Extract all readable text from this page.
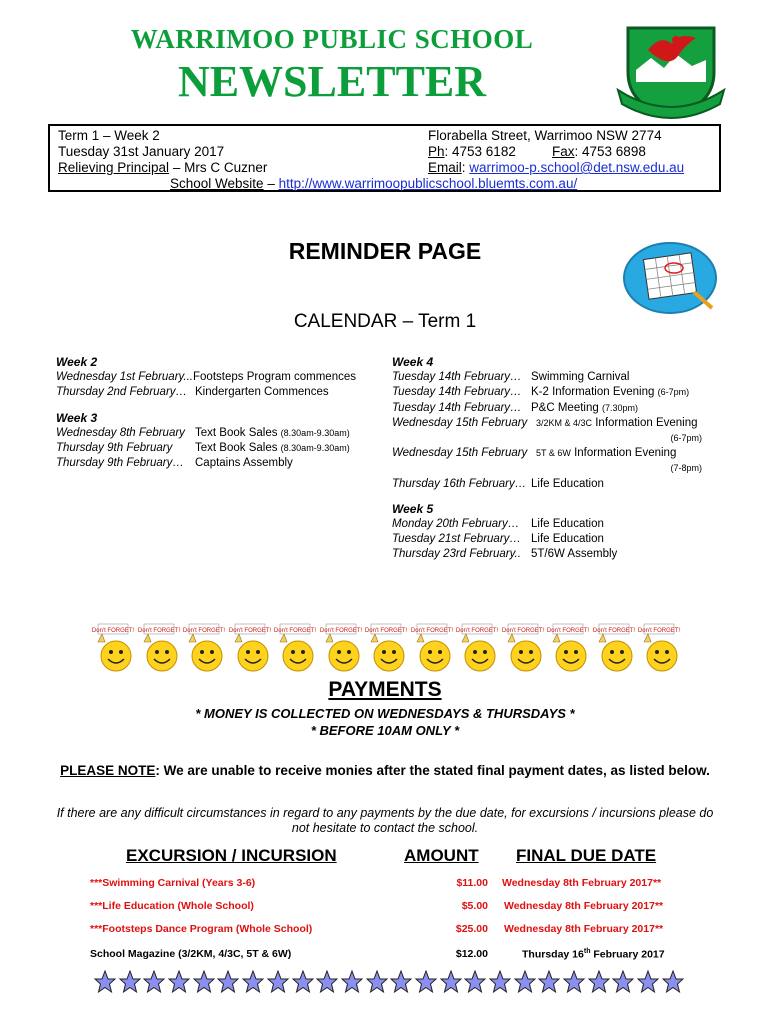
WARRIMOO PUBLIC SCHOOL
NEWSLETTER
Term 1 – Week 2
Tuesday 31st January 2017
Relieving Principal – Mrs C Cuzner
Florabella Street, Warrimoo NSW 2774
Ph: 4753 6182	Fax: 4753 6898
Email: warrimoo-p.school@det.nsw.edu.au
School Website – http://www.warrimoopublicschool.bluemts.com.au/
REMINDER PAGE
CALENDAR – Term 1
Week 2
Wednesday 1st February...Footsteps Program commences
Thursday 2nd February… Kindergarten Commences
Week 3
Wednesday 8th February Text Book Sales (8.30am-9.30am)
Thursday 9th February Text Book Sales (8.30am-9.30am)
Thursday 9th February… Captains Assembly
Week 4
Tuesday 14th February… Swimming Carnival
Tuesday 14th February… K-2 Information Evening (6-7pm)
Tuesday 14th February… P&C Meeting (7.30pm)
Wednesday 15th February 3/2KM & 4/3C Information Evening
(6-7pm)
Wednesday 15th February 5T & 6W Information Evening
(7-8pm)
Thursday 16th February… Life Education
Week 5
Monday 20th February… Life Education
Tuesday 21st February… Life Education
Thursday 23rd February.. 5T/6W Assembly
Don't FORGET! Don't FORGET! Don't FORGET! Don't FORGET! Don't FORGET! Don't FORGET! Don't FORGET! Don't FORGET! Don't FORGET! Don't FORGET! Don't FORGET! Don't FORGET! Don't FORGET!
PAYMENTS
* MONEY IS COLLECTED ON WEDNESDAYS & THURSDAYS *
* BEFORE 10AM ONLY *
PLEASE NOTE: We are unable to receive monies after the stated final payment dates, as listed below.
If there are any difficult circumstances in regard to any payments by the due date, for excursions / incursions please do not hesitate to contact the school.
EXCURSION / INCURSION	AMOUNT FINAL DUE DATE
***Swimming Carnival (Years 3-6)	$11.00 Wednesday 8th February 2017**
***Life Education (Whole School)	$5.00 Wednesday 8th February 2017**
***Footsteps Dance Program (Whole School)	$25.00 Wednesday 8th February 2017**
School Magazine (3/2KM, 4/3C, 5T & 6W)	$12.00	Thursday 16th February 2017
